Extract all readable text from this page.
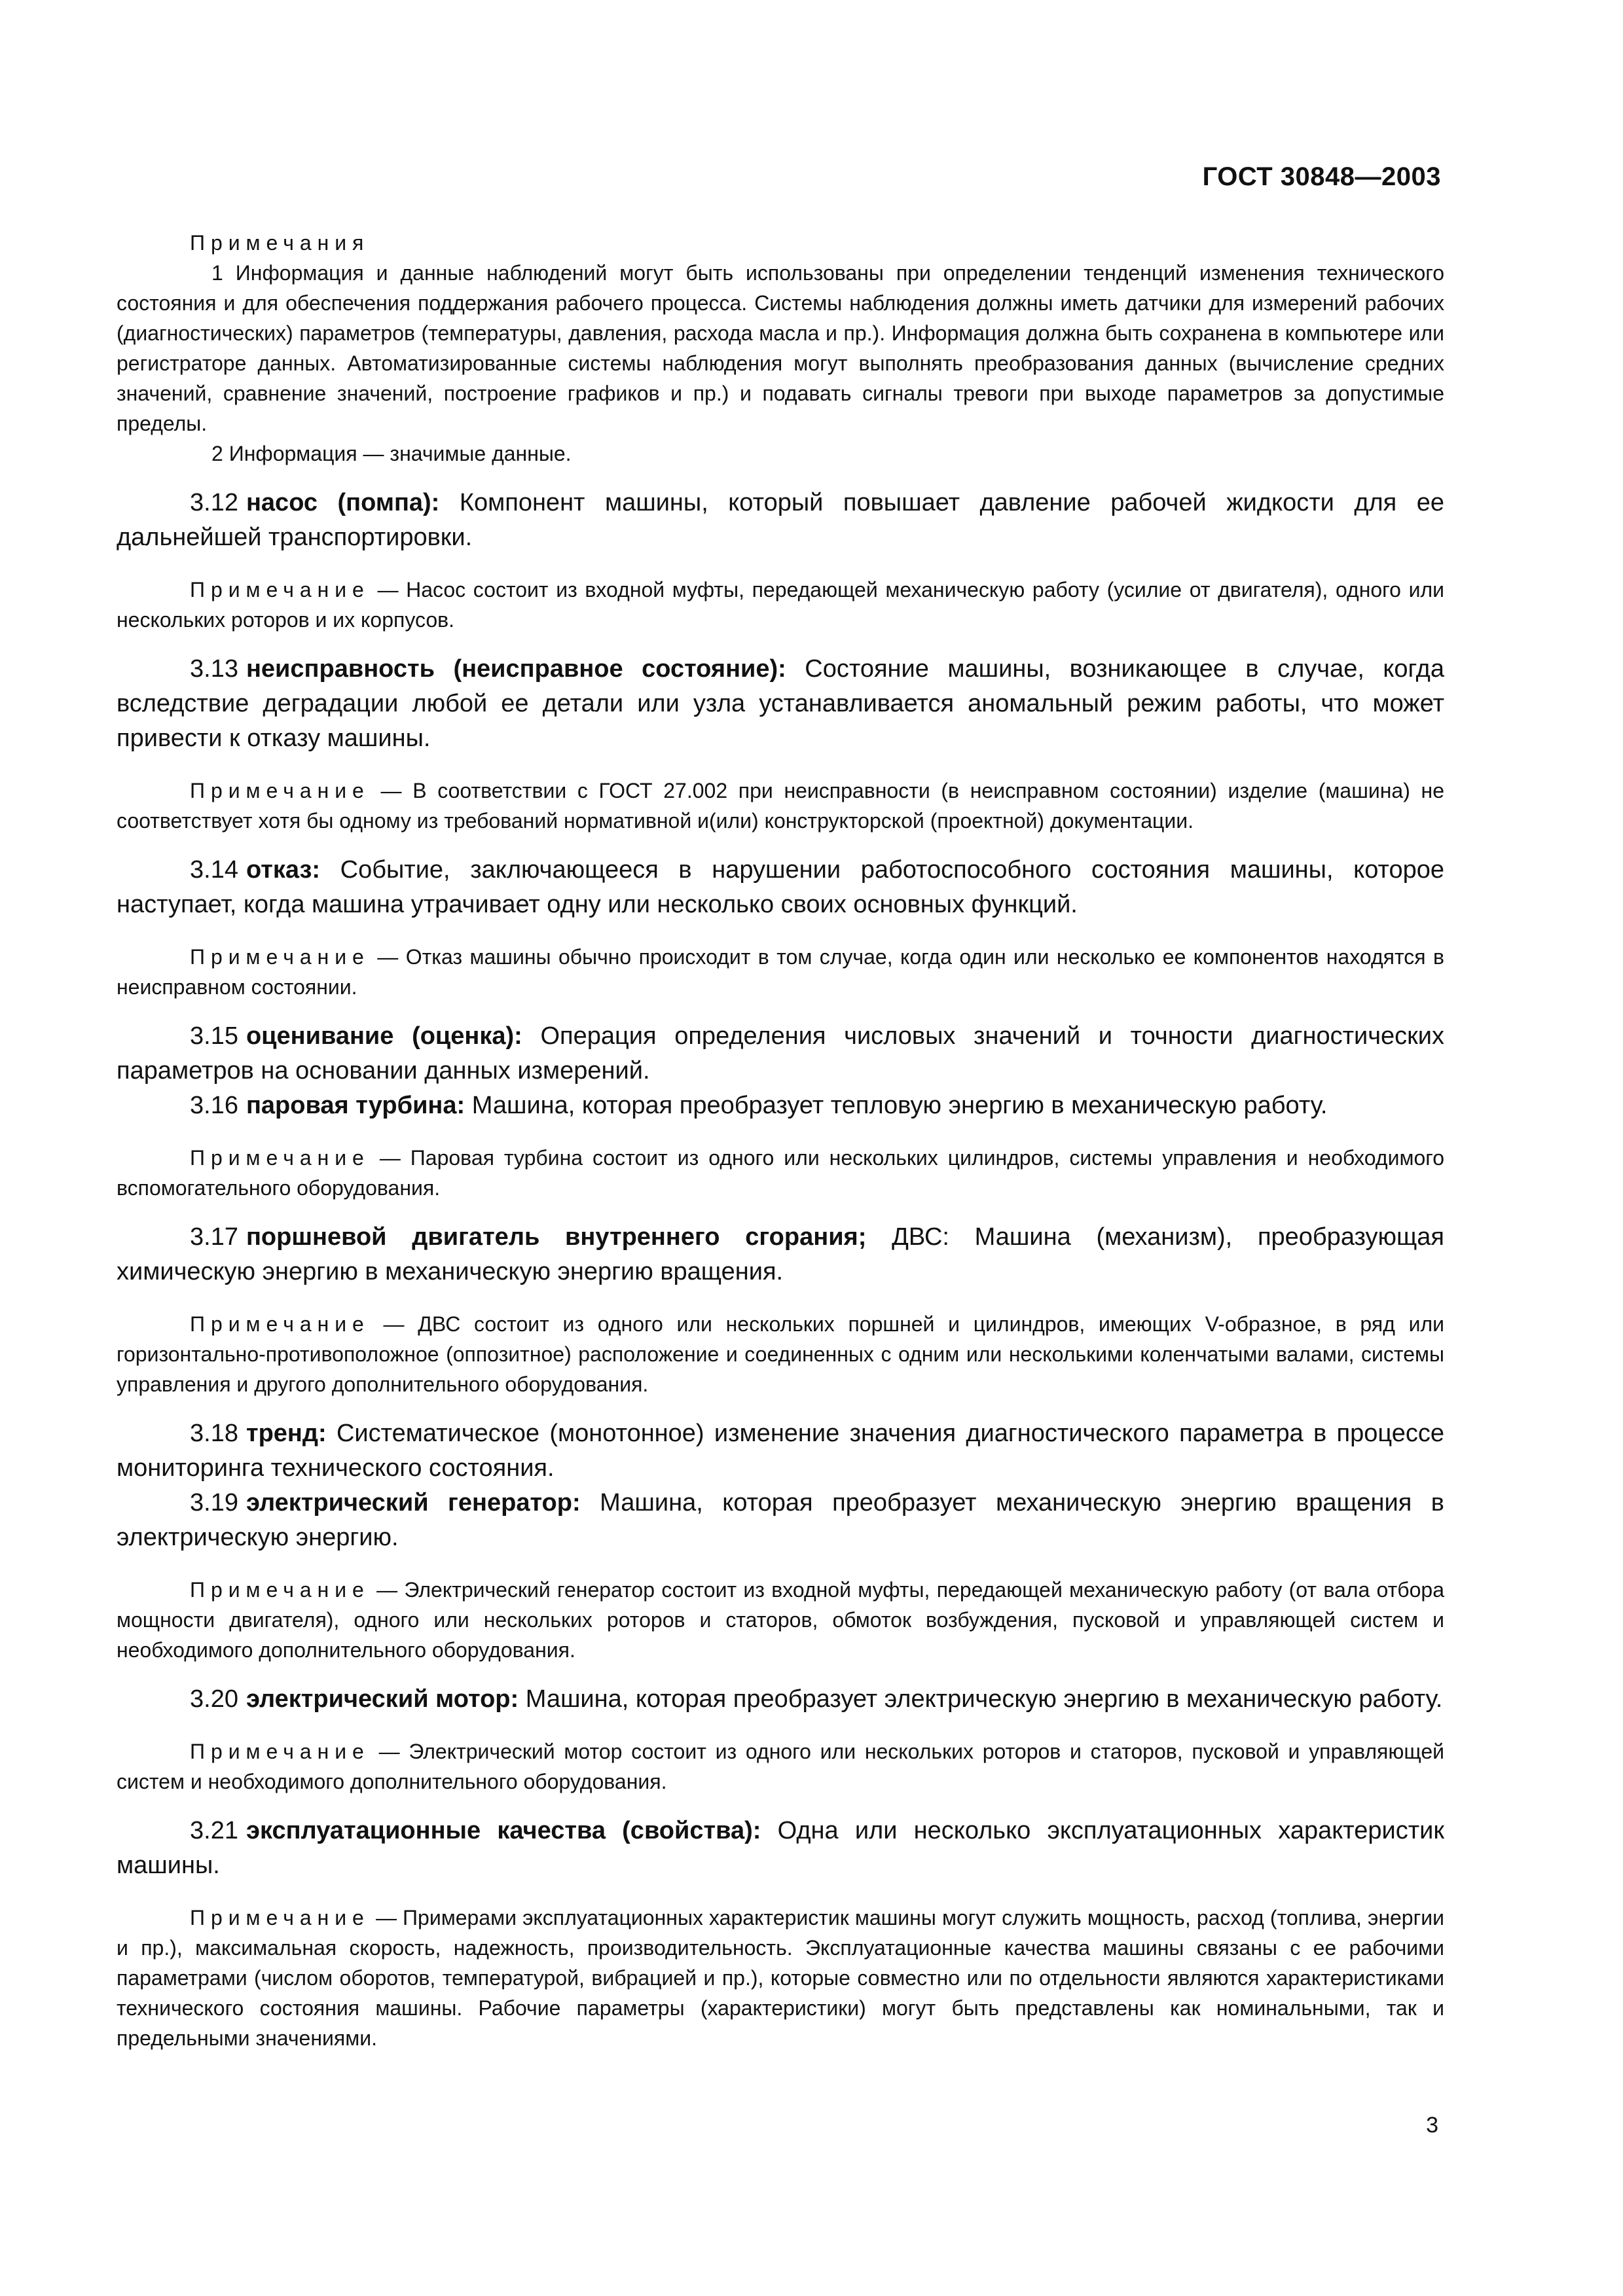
ГОСТ 30848—2003
Примечания

1 Информация и данные наблюдений могут быть использованы при определении тенденций изменения технического состояния и для обеспечения поддержания рабочего процесса. Системы наблюдения должны иметь датчики для измерений рабочих (диагностических) параметров (температуры, давления, расхода масла и пр.). Информация должна быть сохранена в компьютере или регистраторе данных. Автоматизированные системы наблюдения могут выполнять преобразования данных (вычисление средних значений, сравнение значений, построение графиков и пр.) и подавать сигналы тревоги при выходе параметров за допустимые пределы.

2 Информация — значимые данные.

3.12 насос (помпа): Компонент машины, который повышает давление рабочей жидкости для ее дальнейшей транспортировки.

Примечание — Насос состоит из входной муфты, передающей механическую работу (усилие от двигателя), одного или нескольких роторов и их корпусов.

3.13 неисправность (неисправное состояние): Состояние машины, возникающее в случае, когда вследствие деградации любой ее детали или узла устанавливается аномальный режим работы, что может привести к отказу машины.

Примечание — В соответствии с ГОСТ 27.002 при неисправности (в неисправном состоянии) изделие (машина) не соответствует хотя бы одному из требований нормативной и(или) конструкторской (проектной) документации.

3.14 отказ: Событие, заключающееся в нарушении работоспособного состояния машины, которое наступает, когда машина утрачивает одну или несколько своих основных функций.

Примечание — Отказ машины обычно происходит в том случае, когда один или несколько ее компонентов находятся в неисправном состоянии.

3.15 оценивание (оценка): Операция определения числовых значений и точности диагностических параметров на основании данных измерений.

3.16 паровая турбина: Машина, которая преобразует тепловую энергию в механическую работу.

Примечание — Паровая турбина состоит из одного или нескольких цилиндров, системы управления и необходимого вспомогательного оборудования.

3.17 поршневой двигатель внутреннего сгорания; ДВС: Машина (механизм), преобразующая химическую энергию в механическую энергию вращения.

Примечание — ДВС состоит из одного или нескольких поршней и цилиндров, имеющих V-образное, в ряд или горизонтально-противоположное (оппозитное) расположение и соединенных с одним или несколькими коленчатыми валами, системы управления и другого дополнительного оборудования.

3.18 тренд: Систематическое (монотонное) изменение значения диагностического параметра в процессе мониторинга технического состояния.

3.19 электрический генератор: Машина, которая преобразует механическую энергию вращения в электрическую энергию.

Примечание — Электрический генератор состоит из входной муфты, передающей механическую работу (от вала отбора мощности двигателя), одного или нескольких роторов и статоров, обмоток возбуждения, пусковой и управляющей систем и необходимого дополнительного оборудования.

3.20 электрический мотор: Машина, которая преобразует электрическую энергию в механическую работу.

Примечание — Электрический мотор состоит из одного или нескольких роторов и статоров, пусковой и управляющей систем и необходимого дополнительного оборудования.

3.21 эксплуатационные качества (свойства): Одна или несколько эксплуатационных характеристик машины.

Примечание — Примерами эксплуатационных характеристик машины могут служить мощность, расход (топлива, энергии и пр.), максимальная скорость, надежность, производительность. Эксплуатационные качества машины связаны с ее рабочими параметрами (числом оборотов, температурой, вибрацией и пр.), которые совместно или по отдельности являются характеристиками технического состояния машины. Рабочие параметры (характеристики) могут быть представлены как номинальными, так и предельными значениями.

3
